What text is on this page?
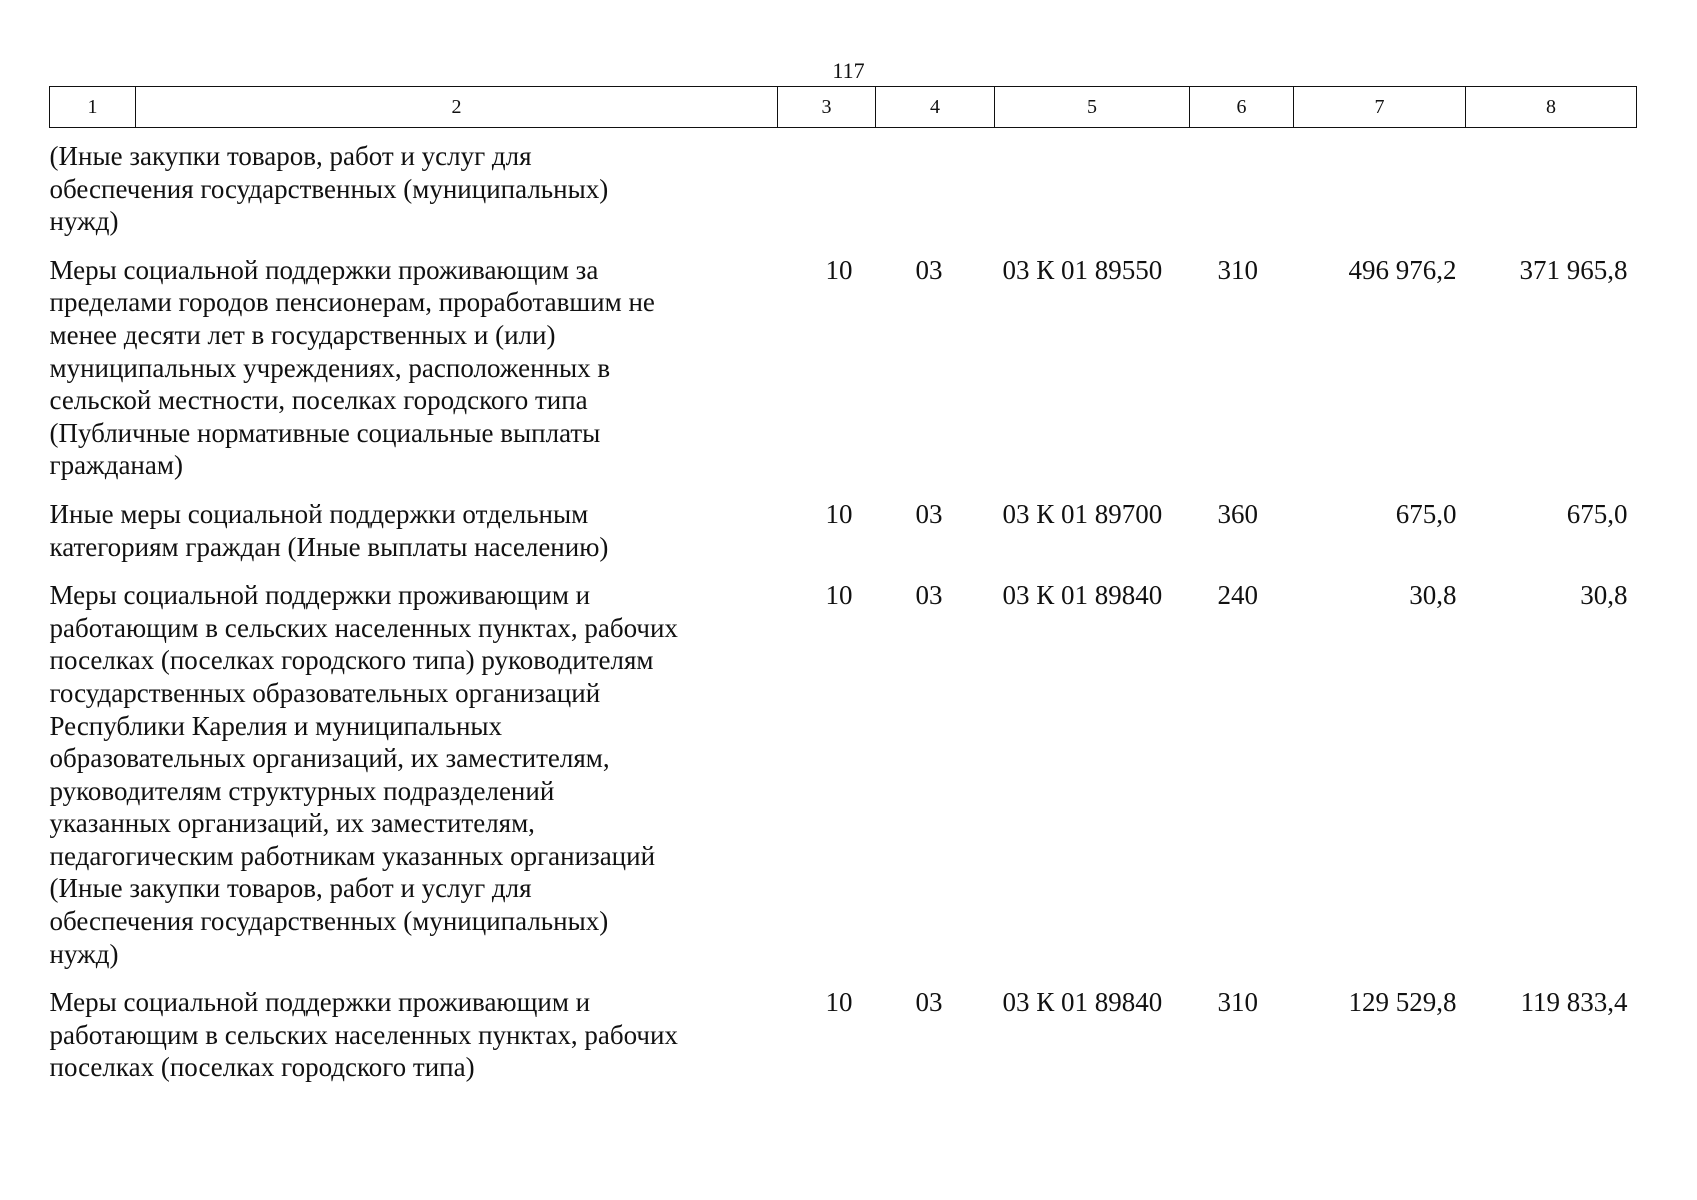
117
1	2	3	4	5	6	7	8

	(Иные закупки товаров, работ и услуг для обеспечения государственных (муниципальных) нужд)						

	Меры социальной поддержки проживающим за пределами городов пенсионерам, проработавшим не менее десяти лет в государственных и (или) муниципальных учреждениях, расположенных в сельской местности, поселках городского типа (Публичные нормативные социальные выплаты гражданам)	10	03	03 К 01 89550	310	496 976,2	371 965,8

	Иные меры социальной поддержки отдельным категориям граждан (Иные выплаты населению)	10	03	03 К 01 89700	360	675,0	675,0

	Меры социальной поддержки проживающим и работающим в сельских населенных пунктах, рабочих поселках (поселках городского типа) руководителям государственных образовательных организаций Республики Карелия и муниципальных образовательных организаций, их заместителям, руководителям структурных подразделений указанных организаций, их заместителям, педагогическим работникам указанных организаций (Иные закупки товаров, работ и услуг для обеспечения государственных (муниципальных) нужд)	10	03	03 К 01 89840	240	30,8	30,8

	Меры социальной поддержки проживающим и работающим в сельских населенных пунктах, рабочих поселках (поселках городского типа)	10	03	03 К 01 89840	310	129 529,8	119 833,4
